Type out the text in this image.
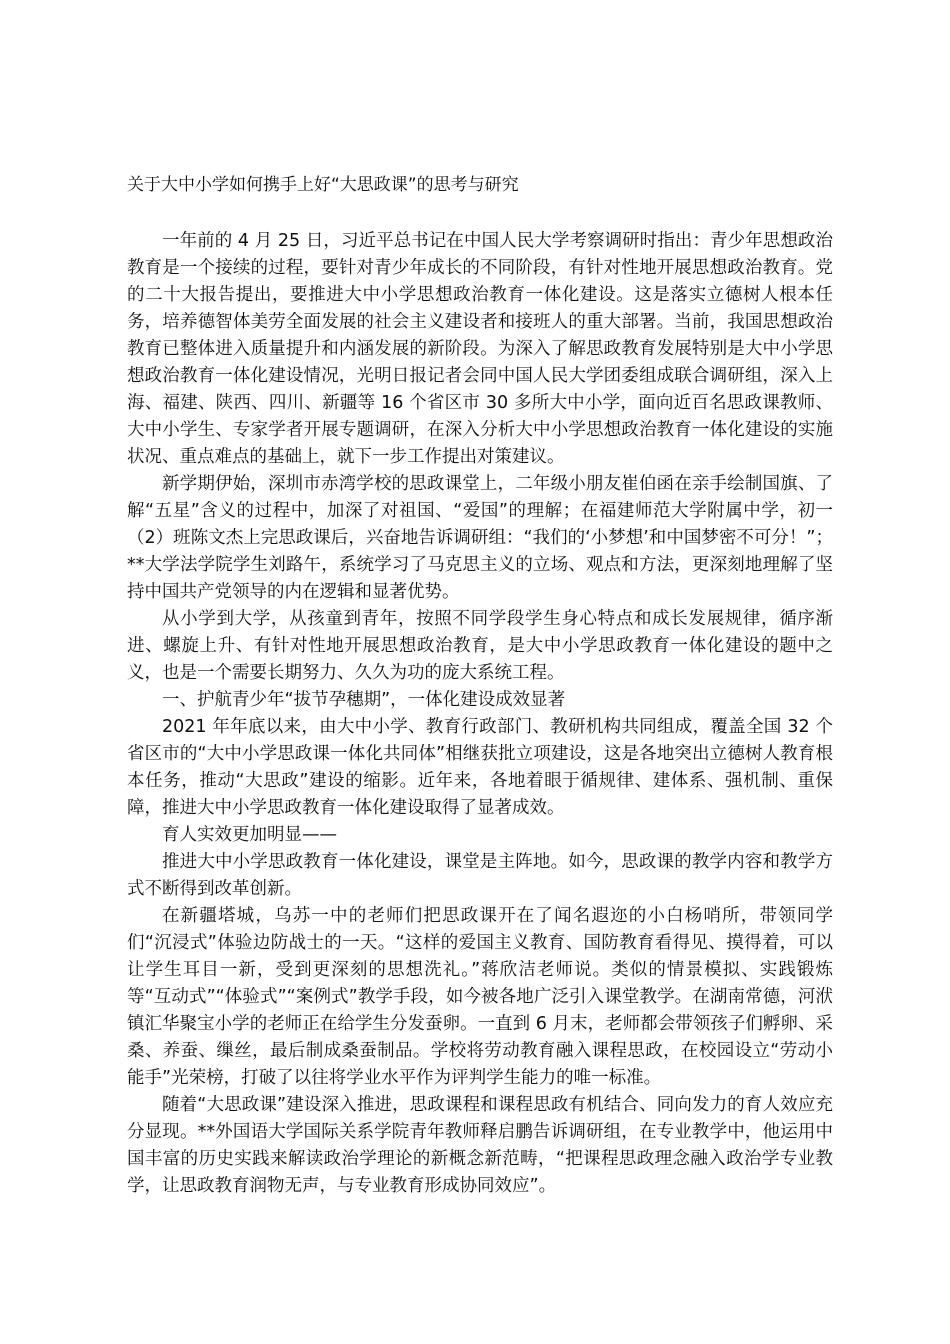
关于大中小学如何携手上好“大思政课”的思考与研究

一年前的 4 月 25 日，习近平总书记在中国人民大学考察调研时指出：青少年思想政治教育是一个接续的过程，要针对青少年成长的不同阶段，有针对性地开展思想政治教育。党的二十大报告提出，要推进大中小学思想政治教育一体化建设。这是落实立德树人根本任务，培养德智体美劳全面发展的社会主义建设者和接班人的重大部署。当前，我国思想政治教育已整体进入质量提升和内涵发展的新阶段。为深入了解思政教育发展特别是大中小学思想政治教育一体化建设情况，光明日报记者会同中国人民大学团委组成联合调研组，深入上海、福建、陕西、四川、新疆等 16 个省区市 30 多所大中小学，面向近百名思政课教师、大中小学生、专家学者开展专题调研，在深入分析大中小学思想政治教育一体化建设的实施状况、重点难点的基础上，就下一步工作提出对策建议。

新学期伊始，深圳市赤湾学校的思政课堂上，二年级小朋友崔伯函在亲手绘制国旗、了解“五星”含义的过程中，加深了对祖国、“爱国”的理解；在福建师范大学附属中学，初一（2）班陈文杰上完思政课后，兴奋地告诉调研组：“我们的‘小梦想’和中国梦密不可分！”；**大学法学院学生刘路午，系统学习了马克思主义的立场、观点和方法，更深刻地理解了坚持中国共产党领导的内在逻辑和显著优势。

从小学到大学，从孩童到青年，按照不同学段学生身心特点和成长发展规律，循序渐进、螺旋上升、有针对性地开展思想政治教育，是大中小学思政教育一体化建设的题中之义，也是一个需要长期努力、久久为功的庞大系统工程。

一、护航青少年“拔节孕穗期”，一体化建设成效显著

2021 年年底以来，由大中小学、教育行政部门、教研机构共同组成，覆盖全国 32 个省区市的“大中小学思政课一体化共同体”相继获批立项建设，这是各地突出立德树人教育根本任务，推动“大思政”建设的缩影。近年来，各地着眼于循规律、建体系、强机制、重保障，推进大中小学思政教育一体化建设取得了显著成效。

育人实效更加明显——

推进大中小学思政教育一体化建设，课堂是主阵地。如今，思政课的教学内容和教学方式不断得到改革创新。

在新疆塔城，乌苏一中的老师们把思政课开在了闻名遐迩的小白杨哨所，带领同学们“沉浸式”体验边防战士的一天。“这样的爱国主义教育、国防教育看得见、摸得着，可以让学生耳目一新，受到更深刻的思想洗礼。”蒋欣洁老师说。类似的情景模拟、实践锻炼等“互动式”“体验式”“案例式”教学手段，如今被各地广泛引入课堂教学。在湖南常德，河洑镇汇华聚宝小学的老师正在给学生分发蚕卵。一直到 6 月末，老师都会带领孩子们孵卵、采桑、养蚕、缫丝，最后制成桑蚕制品。学校将劳动教育融入课程思政，在校园设立“劳动小能手”光荣榜，打破了以往将学业水平作为评判学生能力的唯一标准。

随着“大思政课”建设深入推进，思政课程和课程思政有机结合、同向发力的育人效应充分显现。**外国语大学国际关系学院青年教师释启鹏告诉调研组，在专业教学中，他运用中国丰富的历史实践来解读政治学理论的新概念新范畴，“把课程思政理念融入政治学专业教学，让思政教育润物无声，与专业教育形成协同效应”。
